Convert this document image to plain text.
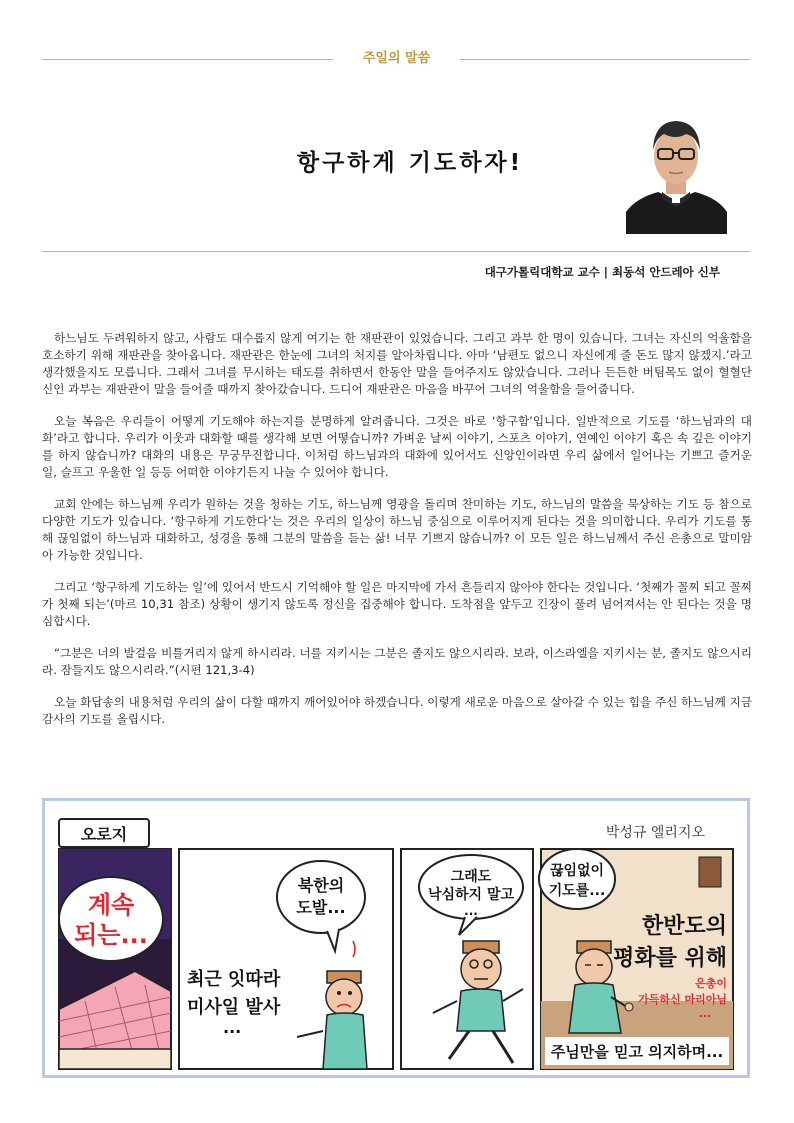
주일의 말씀
항구하게 기도하자!
대구가톨릭대학교 교수 | 최동석 안드레아 신부

하느님도 두려워하지 않고, 사람도 대수롭지 않게 여기는 한 재판관이 있었습니다. 그리고 과부 한 명이 있습니다. 그녀는 자신의 억울함을 호소하기 위해 재판관을 찾아옵니다. 재판관은 한눈에 그녀의 처지를 알아차립니다. 아마 ‘남편도 없으니 자신에게 줄 돈도 많지 않겠지.’라고 생각했을지도 모릅니다. 그래서 그녀를 무시하는 태도를 취하면서 한동안 말을 들어주지도 않았습니다. 그러나 든든한 버팀목도 없이 혈혈단신인 과부는 재판관이 말을 들어줄 때까지 찾아갔습니다. 드디어 재판관은 마음을 바꾸어 그녀의 억울함을 들어줍니다.

오늘 복음은 우리들이 어떻게 기도해야 하는지를 분명하게 알려줍니다. 그것은 바로 ‘항구함’입니다. 일반적으로 기도를 ‘하느님과의 대화’라고 합니다. 우리가 이웃과 대화할 때를 생각해 보면 어떻습니까? 가벼운 날씨 이야기, 스포츠 이야기, 연예인 이야기 혹은 속 깊은 이야기를 하지 않습니까? 대화의 내용은 무궁무진합니다. 이처럼 하느님과의 대화에 있어서도 신앙인이라면 우리 삶에서 일어나는 기쁘고 즐거운 일, 슬프고 우울한 일 등등 어떠한 이야기든지 나눌 수 있어야 합니다.

교회 안에는 하느님께 우리가 원하는 것을 청하는 기도, 하느님께 영광을 돌리며 찬미하는 기도, 하느님의 말씀을 묵상하는 기도 등 참으로 다양한 기도가 있습니다. ‘항구하게 기도한다’는 것은 우리의 일상이 하느님 중심으로 이루어지게 된다는 것을 의미합니다. 우리가 기도를 통해 끊임없이 하느님과 대화하고, 성경을 통해 그분의 말씀을 듣는 삶! 너무 기쁘지 않습니까? 이 모든 일은 하느님께서 주신 은총으로 말미암아 가능한 것입니다.

그리고 ‘항구하게 기도하는 일’에 있어서 반드시 기억해야 할 일은 마지막에 가서 흔들리지 않아야 한다는 것입니다. ‘첫째가 꼴찌 되고 꼴찌가 첫째 되는’(마르 10,31 참조) 상황이 생기지 않도록 정신을 집중해야 합니다. 도착점을 앞두고 긴장이 풀려 넘어져서는 안 된다는 것을 명심합시다.

“그분은 너의 발걸음 비틀거리지 않게 하시리라. 너를 지키시는 그분은 졸지도 않으시리라. 보라, 이스라엘을 지키시는 분, 졸지도 않으시리라. 잠들지도 않으시리라.”(시편 121,3-4)

오늘 화답송의 내용처럼 우리의 삶이 다할 때까지 깨어있어야 하겠습니다. 이렇게 새로운 마음으로 살아갈 수 있는 힘을 주신 하느님께 지금 감사의 기도를 올립시다.

오로지	박성규 엘리지오
계속
되는...
북한의
도발...
최근 잇따라
미사일 발사
...
그래도
낙심하지 말고
...
끊임없이
기도를...
한반도의
평화를 위해
은총이
가득하신 마리아님
...
주님만을 믿고 의지하며...
